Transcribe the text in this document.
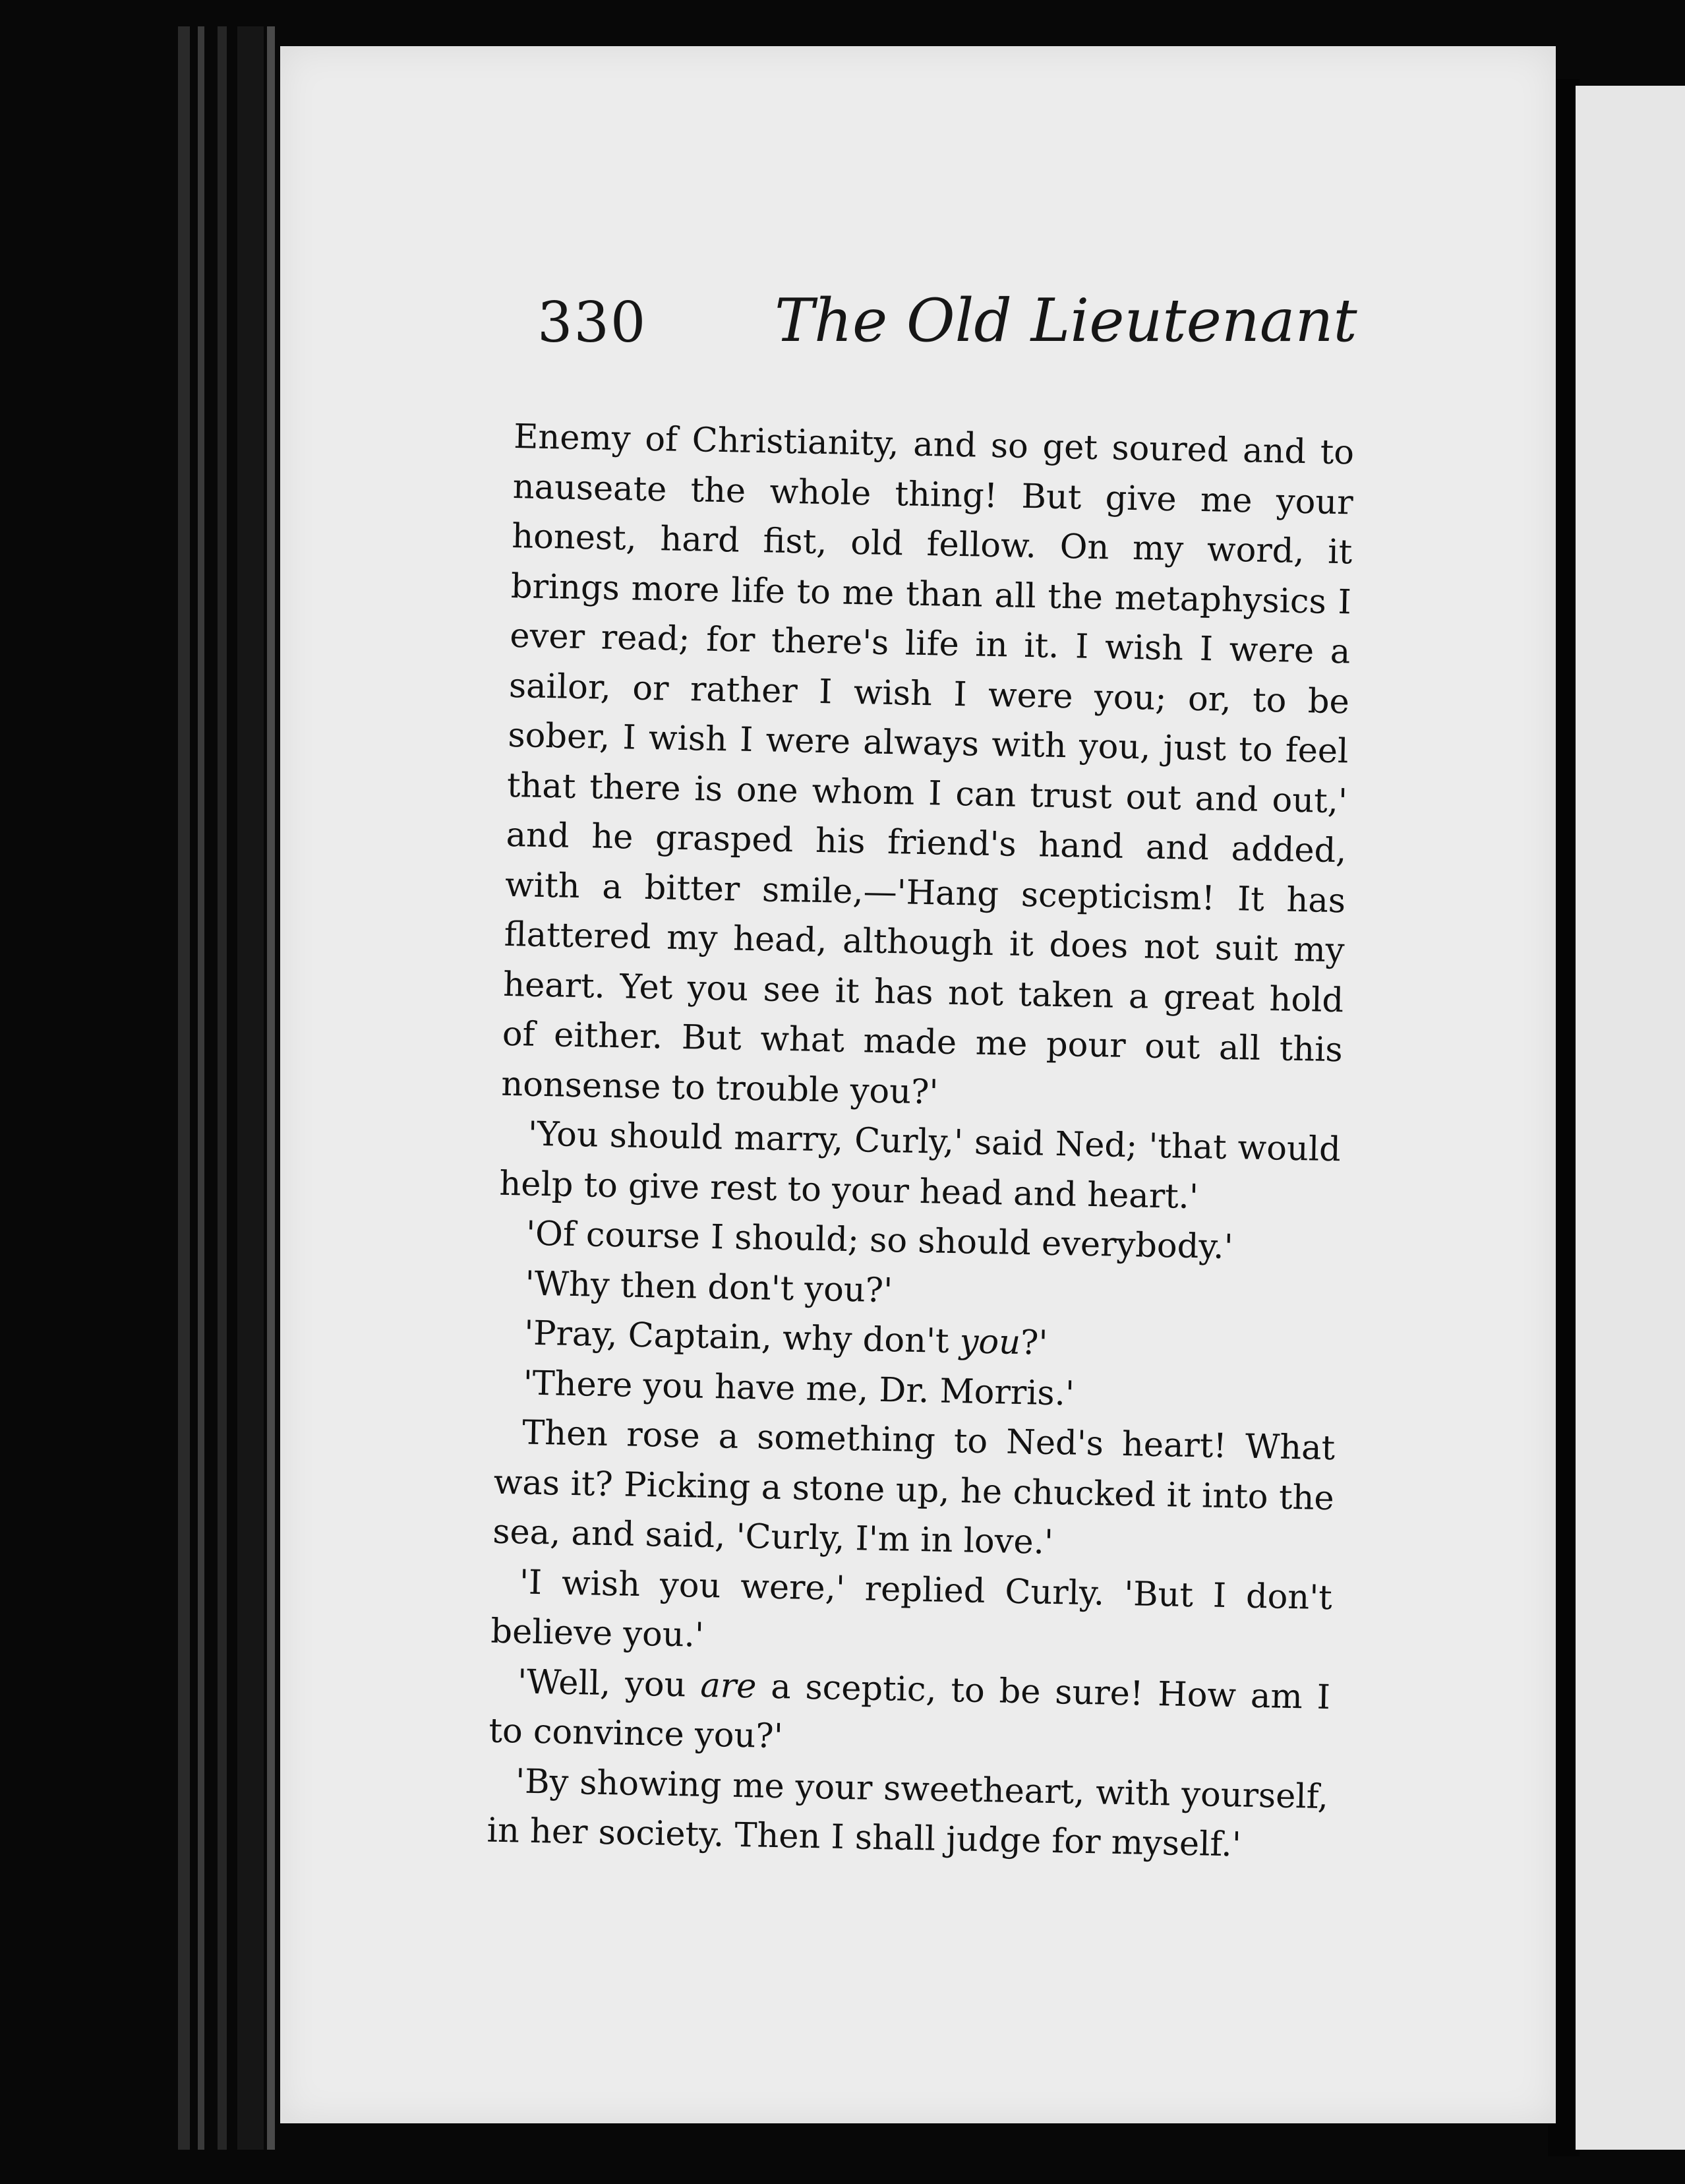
330 The Old Lieutenant

Enemy of Christianity, and so get soured and to nauseate the whole thing! But give me your honest, hard fist, old fellow. On my word, it brings more life to me than all the metaphysics I ever read; for there's life in it. I wish I were a sailor, or rather I wish I were you; or, to be sober, I wish I were always with you, just to feel that there is one whom I can trust out and out,' and he grasped his friend's hand and added, with a bitter smile,—'Hang scepticism! It has flattered my head, although it does not suit my heart. Yet you see it has not taken a great hold of either. But what made me pour out all this nonsense to trouble you?'

'You should marry, Curly,' said Ned; 'that would help to give rest to your head and heart.'

'Of course I should; so should everybody.'

'Why then don't you?'

'Pray, Captain, why don't you?'

'There you have me, Dr. Morris.'

Then rose a something to Ned's heart! What was it? Picking a stone up, he chucked it into the sea, and said, 'Curly, I'm in love.'

'I wish you were,' replied Curly. 'But I don't believe you.'

'Well, you are a sceptic, to be sure! How am I to convince you?'

'By showing me your sweetheart, with yourself, in her society. Then I shall judge for myself.'
